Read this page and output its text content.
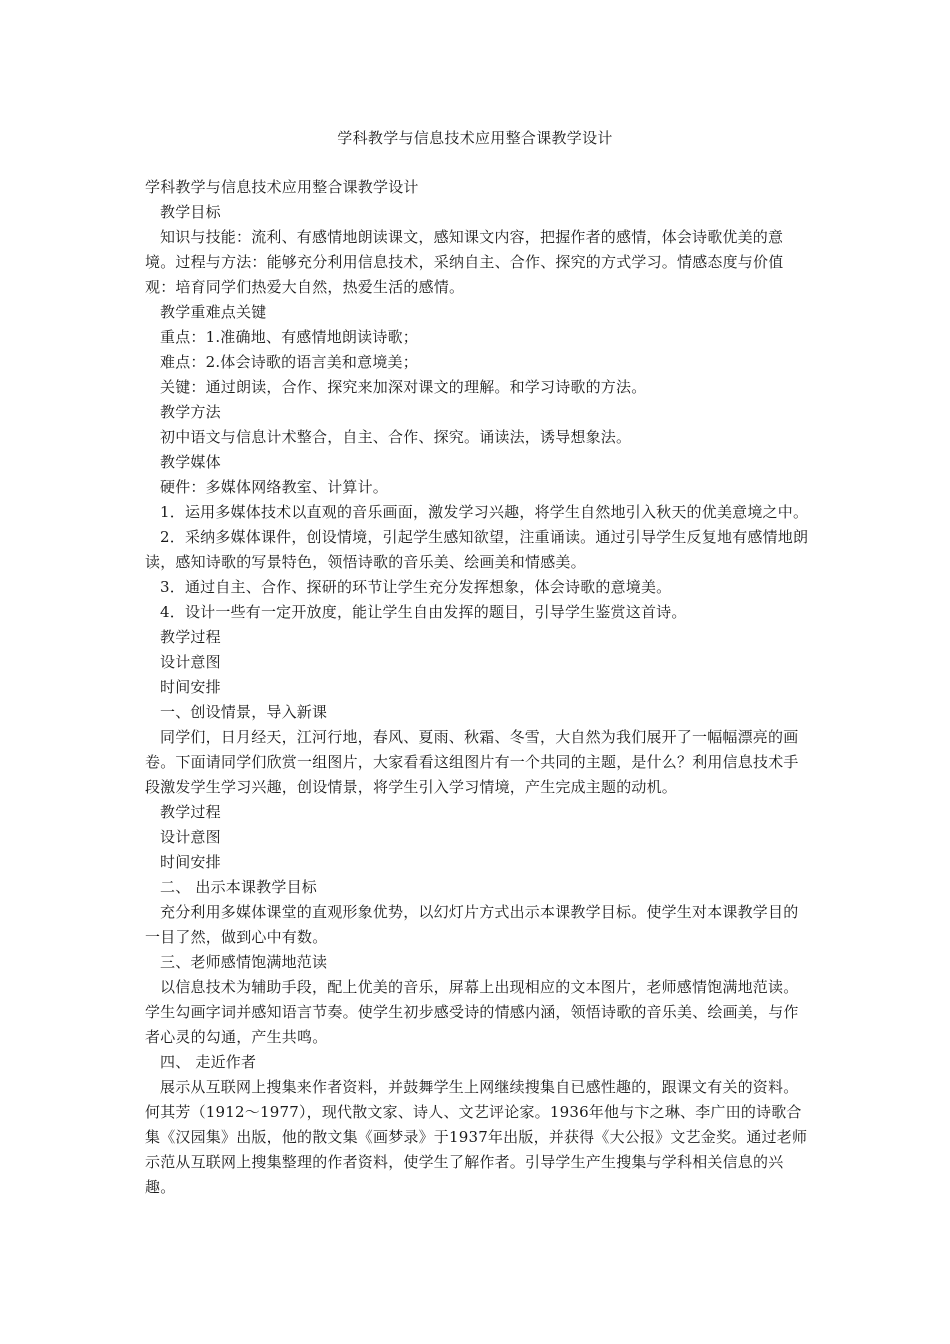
学科教学与信息技术应用整合课教学设计

学科教学与信息技术应用整合课教学设计

教学目标

知识与技能：流利、有感情地朗读课文，感知课文内容，把握作者的感情，体会诗歌优美的意境。过程与方法：能够充分利用信息技术，采纳自主、合作、探究的方式学习。情感态度与价值观：培育同学们热爱大自然，热爱生活的感情。

教学重难点关键

重点：1.准确地、有感情地朗读诗歌；

难点：2.体会诗歌的语言美和意境美；

关键：通过朗读，合作、探究来加深对课文的理解。和学习诗歌的方法。

教学方法

初中语文与信息计术整合，自主、合作、探究。诵读法，诱导想象法。

教学媒体

硬件：多媒体网络教室、计算计。

1．运用多媒体技术以直观的音乐画面，激发学习兴趣，将学生自然地引入秋天的优美意境之中。

2．采纳多媒体课件，创设情境，引起学生感知欲望，注重诵读。通过引导学生反复地有感情地朗读，感知诗歌的写景特色，领悟诗歌的音乐美、绘画美和情感美。

3．通过自主、合作、探研的环节让学生充分发挥想象，体会诗歌的意境美。

4．设计一些有一定开放度，能让学生自由发挥的题目，引导学生鉴赏这首诗。

教学过程

设计意图

时间安排

一、创设情景，导入新课

同学们，日月经天，江河行地，春风、夏雨、秋霜、冬雪，大自然为我们展开了一幅幅漂亮的画卷。下面请同学们欣赏一组图片，大家看看这组图片有一个共同的主题，是什么？利用信息技术手段激发学生学习兴趣，创设情景，将学生引入学习情境，产生完成主题的动机。

教学过程

设计意图

时间安排

二、 出示本课教学目标

充分利用多媒体课堂的直观形象优势，以幻灯片方式出示本课教学目标。使学生对本课教学目的一目了然，做到心中有数。

三、老师感情饱满地范读

以信息技术为辅助手段，配上优美的音乐，屏幕上出现相应的文本图片，老师感情饱满地范读。学生勾画字词并感知语言节奏。使学生初步感受诗的情感内涵，领悟诗歌的音乐美、绘画美，与作者心灵的勾通，产生共鸣。

四、 走近作者

展示从互联网上搜集来作者资料，并鼓舞学生上网继续搜集自已感性趣的，跟课文有关的资料。何其芳（1912～1977），现代散文家、诗人、文艺评论家。1936年他与卞之琳、李广田的诗歌合集《汉园集》出版，他的散文集《画梦录》于1937年出版，并获得《大公报》文艺金奖。通过老师示范从互联网上搜集整理的作者资料，使学生了解作者。引导学生产生搜集与学科相关信息的兴趣。
